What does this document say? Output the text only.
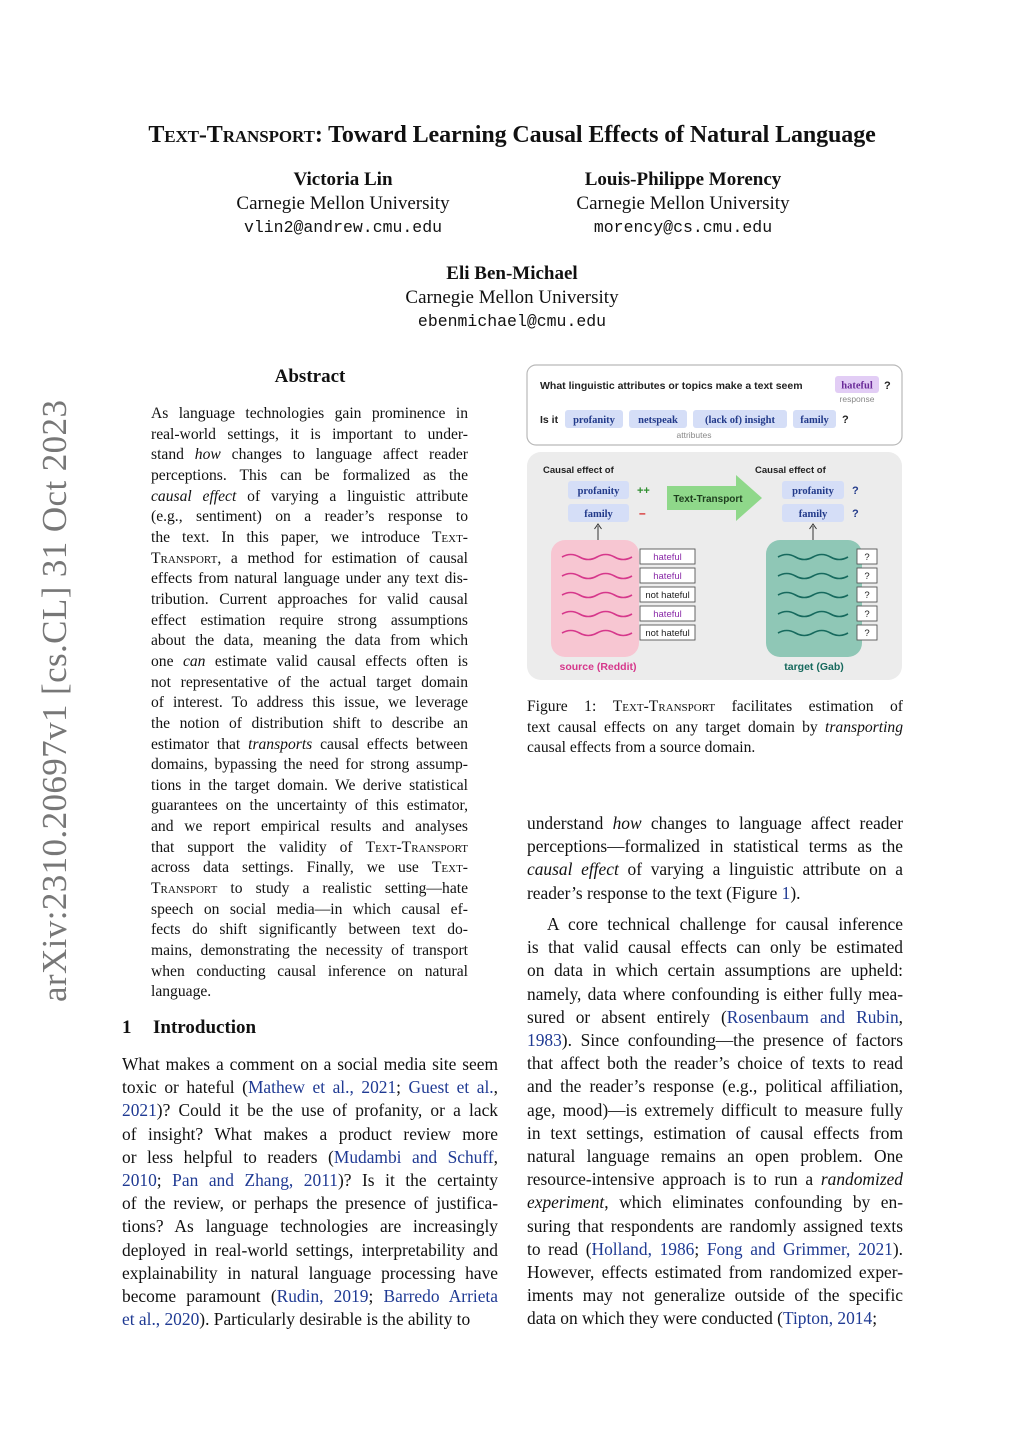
arXiv:2310.20697v1 [cs.CL] 31 Oct 2023
Text-Transport: Toward Learning Causal Effects of Natural Language
Victoria Lin
Carnegie Mellon University
vlin2@andrew.cmu.edu
Louis-Philippe Morency
Carnegie Mellon University
morency@cs.cmu.edu
Eli Ben-Michael
Carnegie Mellon University
ebenmichael@cmu.edu
Abstract
As language technologies gain prominence in
real-world settings, it is important to under-
stand how changes to language affect reader
perceptions. This can be formalized as the
causal effect of varying a linguistic attribute
(e.g., sentiment) on a reader’s response to
the text. In this paper, we introduce Text-
Transport, a method for estimation of causal
effects from natural language under any text dis-
tribution. Current approaches for valid causal
effect estimation require strong assumptions
about the data, meaning the data from which
one can estimate valid causal effects often is
not representative of the actual target domain
of interest. To address this issue, we leverage
the notion of distribution shift to describe an
estimator that transports causal effects between
domains, bypassing the need for strong assump-
tions in the target domain. We derive statistical
guarantees on the uncertainty of this estimator,
and we report empirical results and analyses
that support the validity of Text-Transport
across data settings. Finally, we use Text-
Transport to study a realistic setting—hate
speech on social media—in which causal ef-
fects do shift significantly between text do-
mains, demonstrating the necessity of transport
when conducting causal inference on natural
language.
1 Introduction
What makes a comment on a social media site seem
toxic or hateful (Mathew et al., 2021; Guest et al.,
2021)? Could it be the use of profanity, or a lack
of insight? What makes a product review more
or less helpful to readers (Mudambi and Schuff,
2010; Pan and Zhang, 2011)? Is it the certainty
of the review, or perhaps the presence of justifica-
tions? As language technologies are increasingly
deployed in real-world settings, interpretability and
explainability in natural language processing have
become paramount (Rudin, 2019; Barredo Arrieta
et al., 2020). Particularly desirable is the ability to
understand how changes to language affect reader
perceptions—formalized in statistical terms as the
causal effect of varying a linguistic attribute on a
reader’s response to the text (Figure 1).
A core technical challenge for causal inference
is that valid causal effects can only be estimated
on data in which certain assumptions are upheld:
namely, data where confounding is either fully mea-
sured or absent entirely (Rosenbaum and Rubin,
1983). Since confounding—the presence of factors
that affect both the reader’s choice of texts to read
and the reader’s response (e.g., political affiliation,
age, mood)—is extremely difficult to measure fully
in text settings, estimation of causal effects from
natural language remains an open problem. One
resource-intensive approach is to run a randomized
experiment, which eliminates confounding by en-
suring that respondents are randomly assigned texts
to read (Holland, 1986; Fong and Grimmer, 2021).
However, effects estimated from randomized exper-
iments may not generalize outside of the specific
data on which they were conducted (Tipton, 2014;
Figure 1: Text-Transport facilitates estimation of
text causal effects on any target domain by transporting
causal effects from a source domain.
What linguistic attributes or topics make a text seem	hateful ?
response
Is it profanity netspeak	(lack of) insight family ?
attributes
Causal effect of	Causal effect of
profanity ++
family –
Text-Transport
profanity ?
family ?
hateful
hateful
not hateful
hateful
not hateful
source (Reddit)
?
?
?
?
?
target (Gab)
